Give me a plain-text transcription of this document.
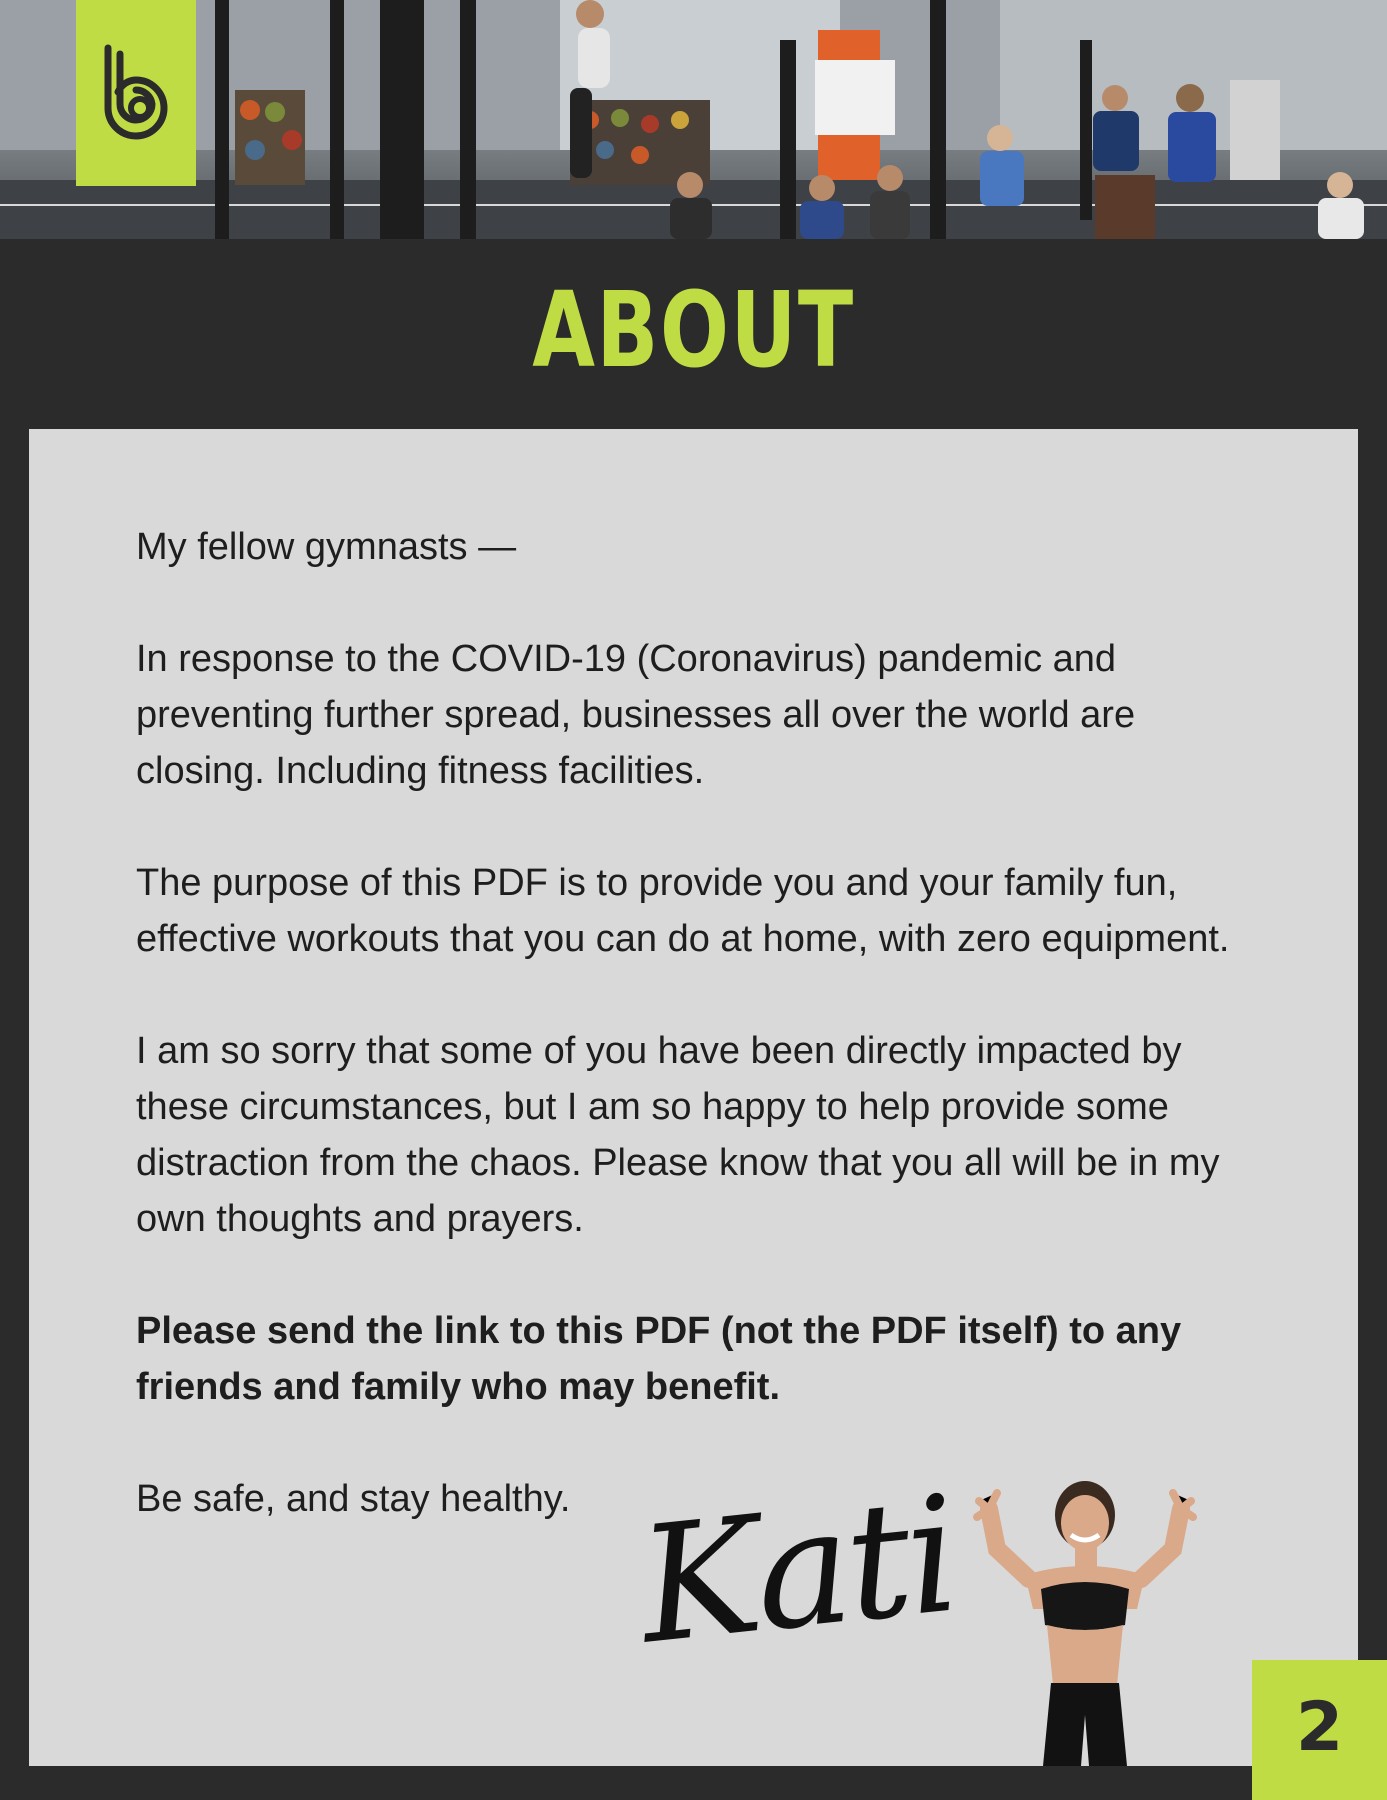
ABOUT

My fellow gymnasts —

In response to the COVID-19 (Coronavirus) pandemic and preventing further spread, businesses all over the world are closing. Including fitness facilities.

The purpose of this PDF is to provide you and your family fun, effective workouts that you can do at home, with zero equipment.

I am so sorry that some of you have been directly impacted by these circumstances, but I am so happy to help provide some distraction from the chaos. Please know that you all will be in my own thoughts and prayers.

Please send the link to this PDF (not the PDF itself) to any friends and family who may benefit.

Be safe, and stay healthy. Kati
2
